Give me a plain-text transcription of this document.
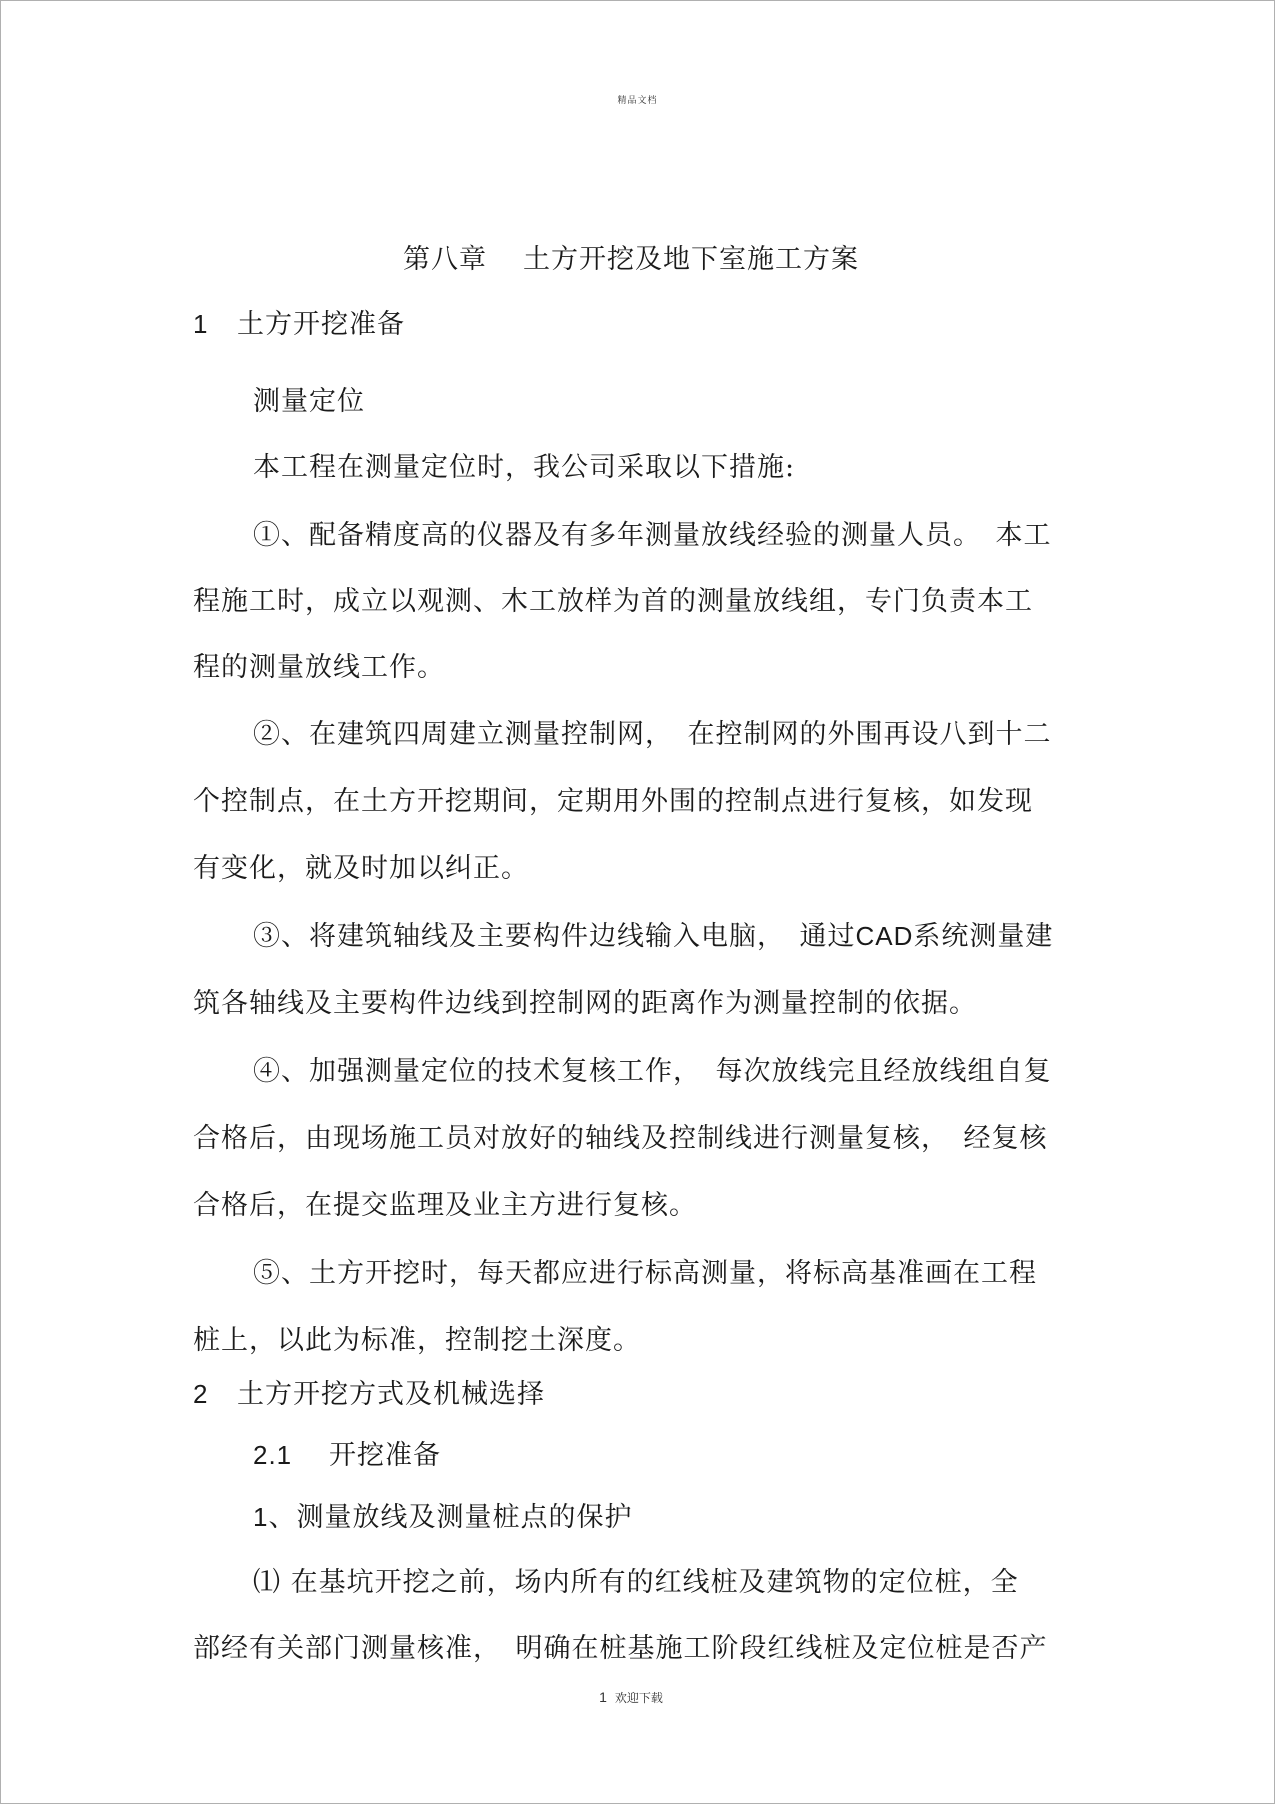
精品文档
第八章 土方开挖及地下室施工方案
1 土方开挖准备
测量定位
本工程在测量定位时，我公司采取以下措施:
①、配备精度高的仪器及有多年测量放线经验的测量人员。　本工
程施工时，成立以观测、木工放样为首的测量放线组，专门负责本工
程的测量放线工作。
②、在建筑四周建立测量控制网，　在控制网的外围再设八到十二
个控制点，在土方开挖期间，定期用外围的控制点进行复核，如发现
有变化，就及时加以纠正。
③、将建筑轴线及主要构件边线输入电脑，　通过CAD系统测量建
筑各轴线及主要构件边线到控制网的距离作为测量控制的依据。
④、加强测量定位的技术复核工作，　每次放线完且经放线组自复
合格后，由现场施工员对放好的轴线及控制线进行测量复核，　经复核
合格后，在提交监理及业主方进行复核。
⑤、土方开挖时，每天都应进行标高测量，将标高基准画在工程
桩上，以此为标准，控制挖土深度。
2 土方开挖方式及机械选择
2.1 开挖准备
1、测量放线及测量桩点的保护
⑴ 在基坑开挖之前，场内所有的红线桩及建筑物的定位桩，全
部经有关部门测量核准，　明确在桩基施工阶段红线桩及定位桩是否产
1 欢迎下载
